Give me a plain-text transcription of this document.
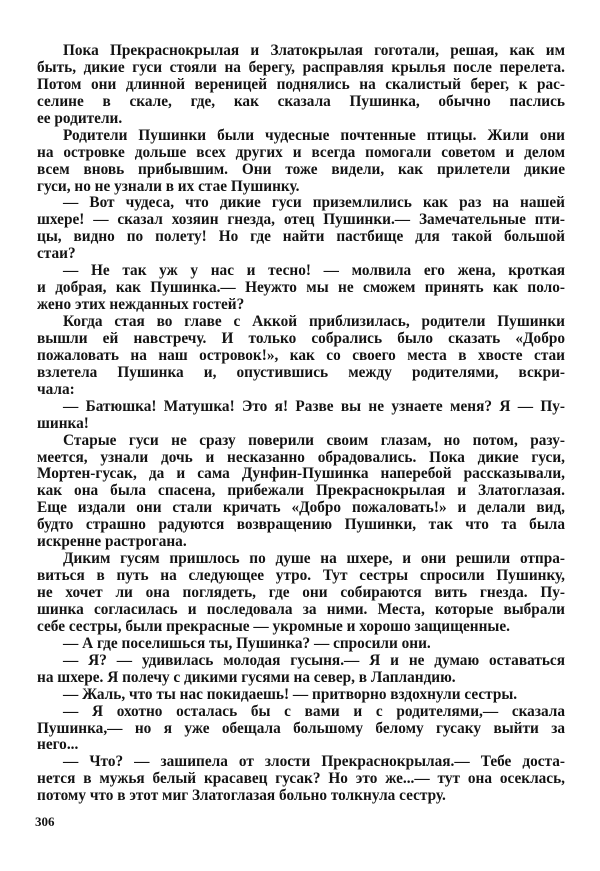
Пока Прекраснокрылая и Златокрылая гоготали, решая, как им
быть, дикие гуси стояли на берегу, расправляя крылья после перелета.
Потом они длинной вереницей поднялись на скалистый берег, к рас-
селине в скале, где, как сказала Пушинка, обычно паслись
ее родители.
Родители Пушинки были чудесные почтенные птицы. Жили они
на островке дольше всех других и всегда помогали советом и делом
всем вновь прибывшим. Они тоже видели, как прилетели дикие
гуси, но не узнали в их стае Пушинку.
— Вот чудеса, что дикие гуси приземлились как раз на нашей
шхере! — сказал хозяин гнезда, отец Пушинки.— Замечательные пти-
цы, видно по полету! Но где найти пастбище для такой большой
стаи?
— Не так уж у нас и тесно! — молвила его жена, кроткая
и добрая, как Пушинка.— Неужто мы не сможем принять как поло-
жено этих нежданных гостей?
Когда стая во главе с Аккой приблизилась, родители Пушинки
вышли ей навстречу. И только собрались было сказать «Добро
пожаловать на наш островок!», как со своего места в хвосте стаи
взлетела Пушинка и, опустившись между родителями, вскри-
чала:
— Батюшка! Матушка! Это я! Разве вы не узнаете меня? Я — Пу-
шинка!
Старые гуси не сразу поверили своим глазам, но потом, разу-
меется, узнали дочь и несказанно обрадовались. Пока дикие гуси,
Мортен-гусак, да и сама Дунфин-Пушинка наперебой рассказывали,
как она была спасена, прибежали Прекраснокрылая и Златоглазая.
Еще издали они стали кричать «Добро пожаловать!» и делали вид,
будто страшно радуются возвращению Пушинки, так что та была
искренне растрогана.
Диким гусям пришлось по душе на шхере, и они решили отпра-
виться в путь на следующее утро. Тут сестры спросили Пушинку,
не хочет ли она поглядеть, где они собираются вить гнезда. Пу-
шинка согласилась и последовала за ними. Места, которые выбрали
себе сестры, были прекрасные — укромные и хорошо защищенные.
— А где поселишься ты, Пушинка? — спросили они.
— Я? — удивилась молодая гусыня.— Я и не думаю оставаться
на шхере. Я полечу с дикими гусями на север, в Лапландию.
— Жаль, что ты нас покидаешь! — притворно вздохнули сестры.
— Я охотно осталась бы с вами и с родителями,— сказала
Пушинка,— но я уже обещала большому белому гусаку выйти за
него...
— Что? — зашипела от злости Прекраснокрылая.— Тебе доста-
нется в мужья белый красавец гусак? Но это же...— тут она осеклась,
потому что в этот миг Златоглазая больно толкнула сестру.
306
